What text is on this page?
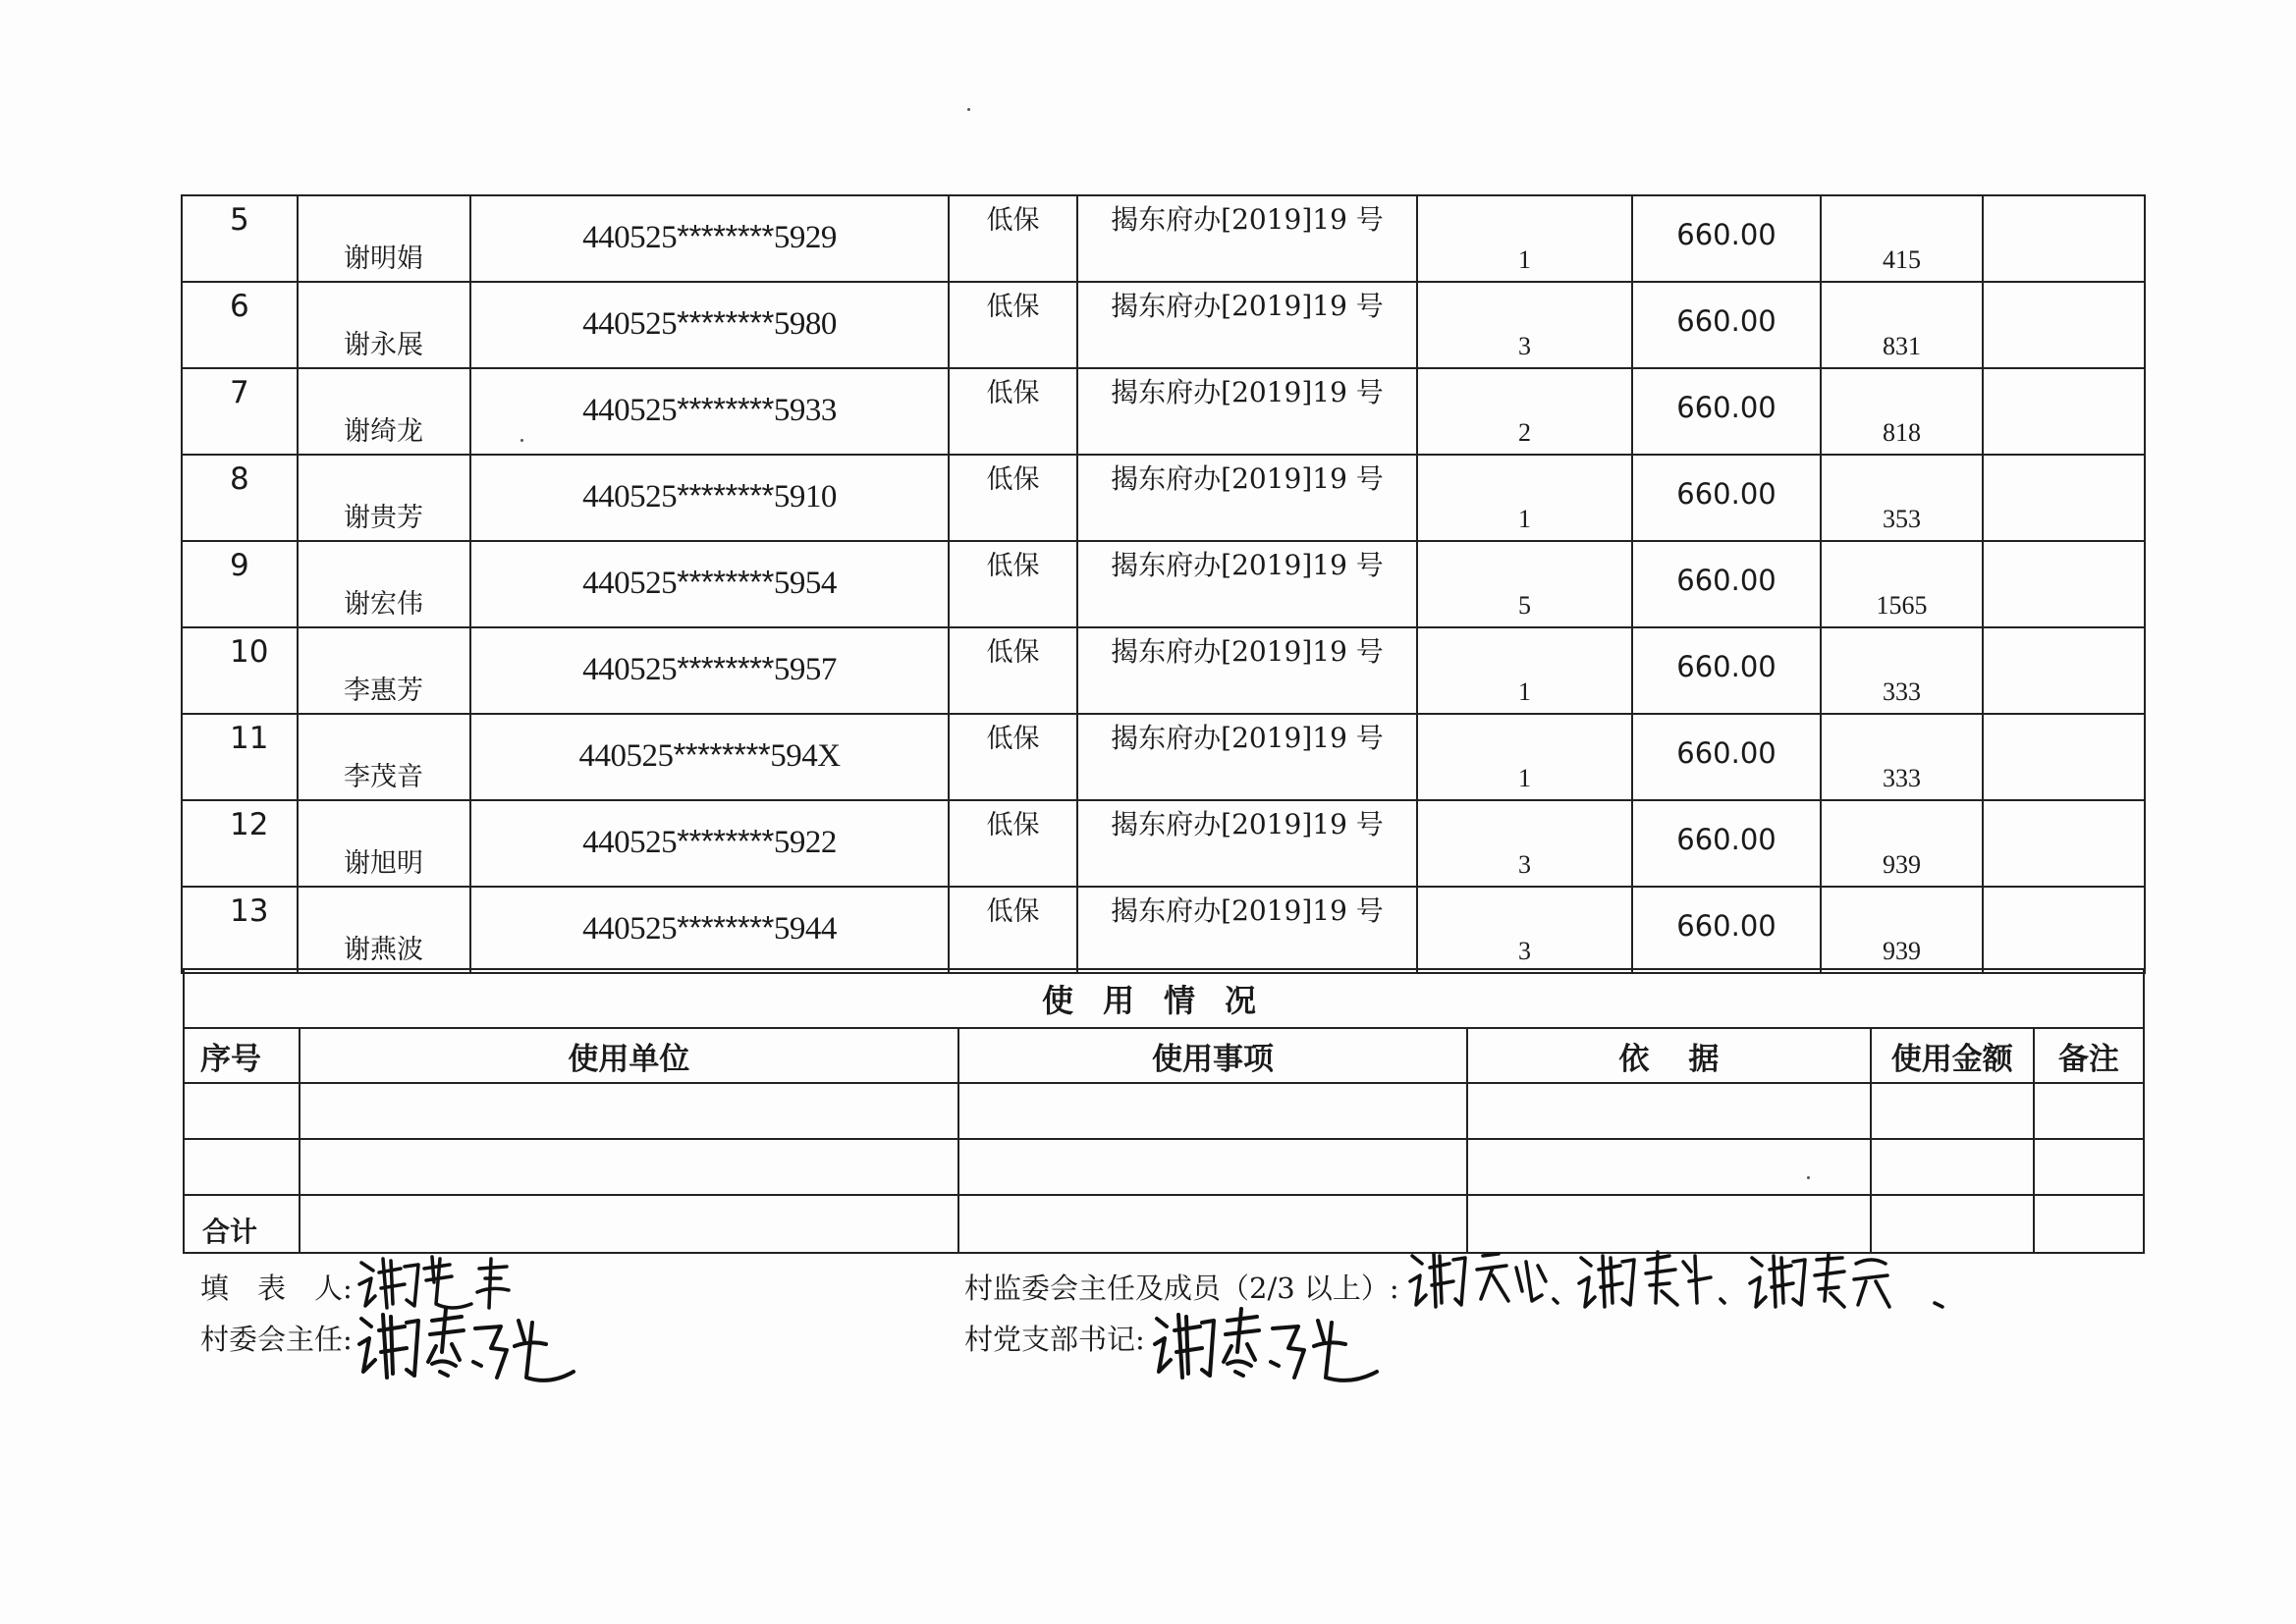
5	谢明娟	440525********5929	低保	揭东府办[2019]19 号	1	660.00	415	

6	谢永展	440525********5980	低保	揭东府办[2019]19 号	3	660.00	831	

7	谢绮龙	440525********5933	低保	揭东府办[2019]19 号	2	660.00	818	

8	谢贵芳	440525********5910	低保	揭东府办[2019]19 号	1	660.00	353	

9	谢宏伟	440525********5954	低保	揭东府办[2019]19 号	5	660.00	1565	

10	李惠芳	440525********5957	低保	揭东府办[2019]19 号	1	660.00	333	

11	李茂音	440525********594X	低保	揭东府办[2019]19 号	1	660.00	333	

12	谢旭明	440525********5922	低保	揭东府办[2019]19 号	3	660.00	939	

13	谢燕波	440525********5944	低保	揭东府办[2019]19 号	3	660.00	939	

使用情况					
序号	使用单位	使用事项	依据	使用金额	备注

合计					
填　表　人:
村委会主任:
村监委会主任及成员（2/3 以上）:
村党支部书记:
